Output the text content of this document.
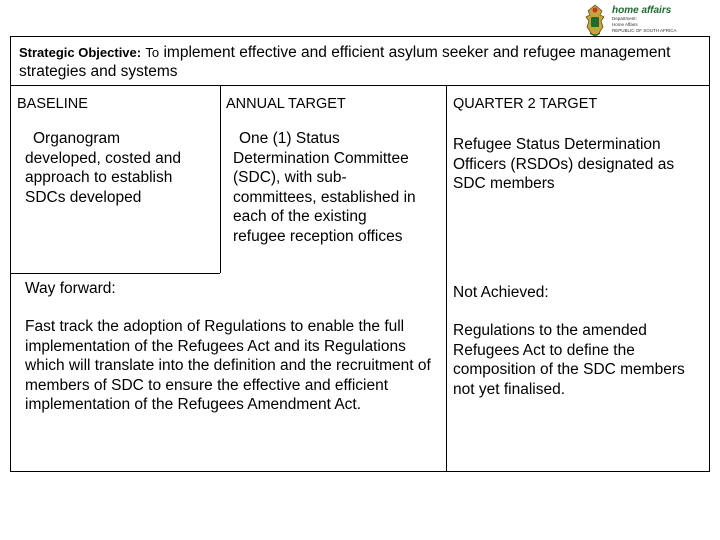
home affairs
Department:
Home Affairs
REPUBLIC OF SOUTH AFRICA
Strategic Objective: To implement effective and efficient asylum seeker and refugee management strategies and systems
BASELINE	ANNUAL TARGET	QUARTER 2 TARGET
Organogram developed, costed and approach to establish SDCs developed
One (1) Status Determination Committee (SDC), with sub-committees, established in each of the existing refugee reception offices
Refugee Status Determination Officers (RSDOs) designated as SDC members
Way forward:
Fast track the adoption of Regulations to enable the full implementation of the Refugees Act and its Regulations which will translate into the definition and the recruitment of members of SDC to ensure the effective and efficient implementation of the Refugees Amendment Act.
Not Achieved:
Regulations to the amended Refugees Act to define the composition of the SDC members not yet finalised.
